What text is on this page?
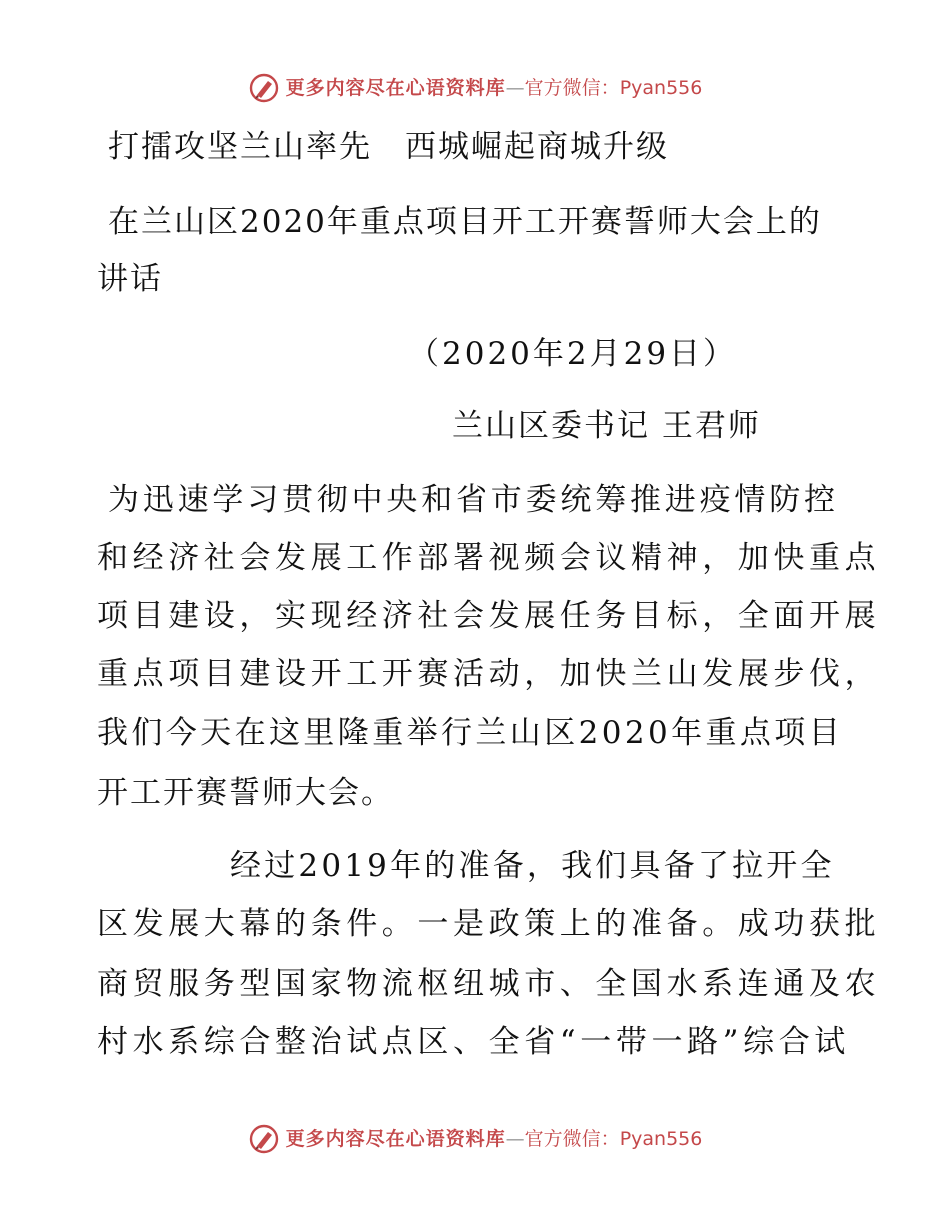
更多内容尽在心语资料库 — 官方微信： Pyan556

打擂攻坚兰山率先　西城崛起商城升级

在兰山区2020年重点项目开工开赛誓师大会上的

讲话

（2020年2月29日）

兰山区委书记 王君师

为迅速学习贯彻中央和省市委统筹推进疫情防控

和经济社会发展工作部署视频会议精神，加快重点

项目建设，实现经济社会发展任务目标，全面开展

重点项目建设开工开赛活动，加快兰山发展步伐，

我们今天在这里隆重举行兰山区2020年重点项目

开工开赛誓师大会。

经过2019年的准备，我们具备了拉开全

区发展大幕的条件。一是政策上的准备。成功获批

商贸服务型国家物流枢纽城市、全国水系连通及农

村水系综合整治试点区、全省“一带一路”综合试

更多内容尽在心语资料库 — 官方微信： Pyan556
